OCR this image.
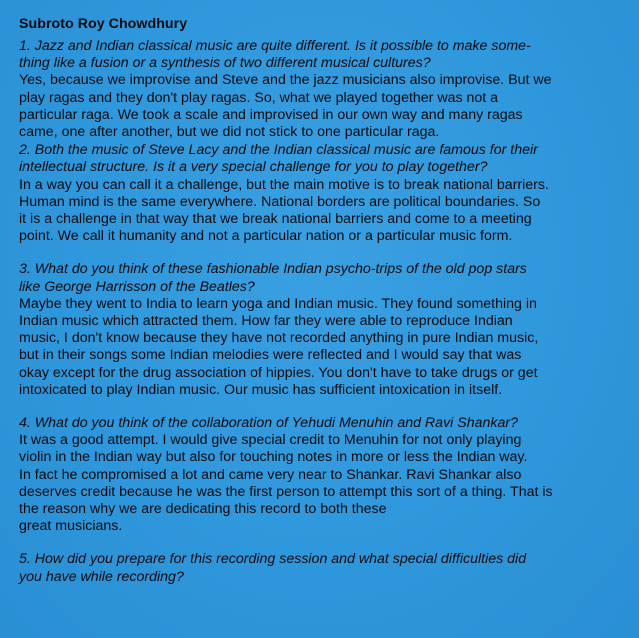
Subroto Roy Chowdhury
1. Jazz and Indian classical music are quite different. Is it possible to make some-
thing like a fusion or a synthesis of two different musical cultures?
Yes, because we improvise and Steve and the jazz musicians also improvise. But we
play ragas and they don't play ragas. So, what we played together was not a
particular raga. We took a scale and improvised in our own way and many ragas
came, one after another, but we did not stick to one particular raga.
2. Both the music of Steve Lacy and the Indian classical music are famous for their
intellectual structure. Is it a very special challenge for you to play together?
In a way you can call it a challenge, but the main motive is to break national barriers.
Human mind is the same everywhere. National borders are political boundaries. So
it is a challenge in that way that we break national barriers and come to a meeting
point. We call it humanity and not a particular nation or a particular music form.
3. What do you think of these fashionable Indian psycho-trips of the old pop stars
like George Harrisson of the Beatles?
Maybe they went to India to learn yoga and Indian music. They found something in
Indian music which attracted them. How far they were able to reproduce Indian
music, I don't know because they have not recorded anything in pure Indian music,
but in their songs some Indian melodies were reflected and I would say that was
okay except for the drug association of hippies. You don't have to take drugs or get
intoxicated to play Indian music. Our music has sufficient intoxication in itself.
4. What do you think of the collaboration of Yehudi Menuhin and Ravi Shankar?
It was a good attempt. I would give special credit to Menuhin for not only playing
violin in the Indian way but also for touching notes in more or less the Indian way.
In fact he compromised a lot and came very near to Shankar. Ravi Shankar also
deserves credit because he was the first person to attempt this sort of a thing. That is
the reason why we are dedicating this record to both these
great musicians.
5. How did you prepare for this recording session and what special difficulties did
you have while recording?
